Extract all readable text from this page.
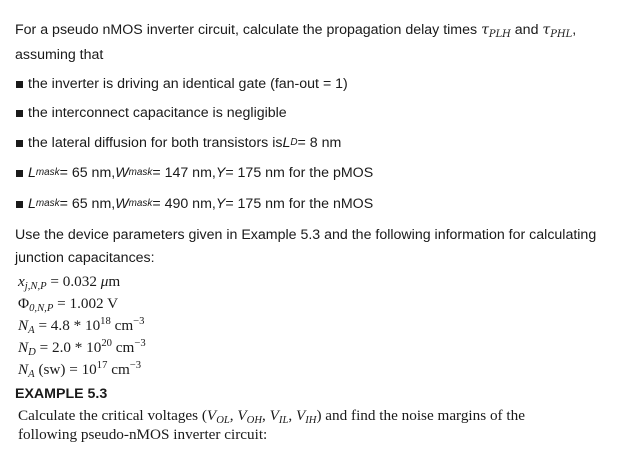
For a pseudo nMOS inverter circuit, calculate the propagation delay times $\tau_{PLH}$ and $\tau_{PHL}$,
assuming that
the inverter is driving an identical gate (fan-out = 1)
the interconnect capacitance is negligible
the lateral diffusion for both transistors is L D = 8 nm
L mask = 65 nm, W mask = 147 nm, Y = 175 nm for the pMOS
L mask = 65 nm, W mask = 490 nm, Y = 175 nm for the nMOS
Use the device parameters given in Example 5.3 and the following information for calculating
junction capacitances:
$x_{j,N,P} = 0.032$ μm
$\Phi_{0,N,P} = 1.002$ V
$N_A = 4.8 * 10^{18}$ $cm^{-3}$
$N_D = 2.0 * 10^{20}$ $cm^{-3}$
$N_A$ $(sw) = 10^{17}$ $cm^{-3}$
EXAMPLE 5.3
Calculate the critical voltages ($V_{OL}$, $V_{OH}$, $V_{IL}$, $V_{IH}$) and find the noise margins of the
following pseudo-nMOS inverter circuit:
